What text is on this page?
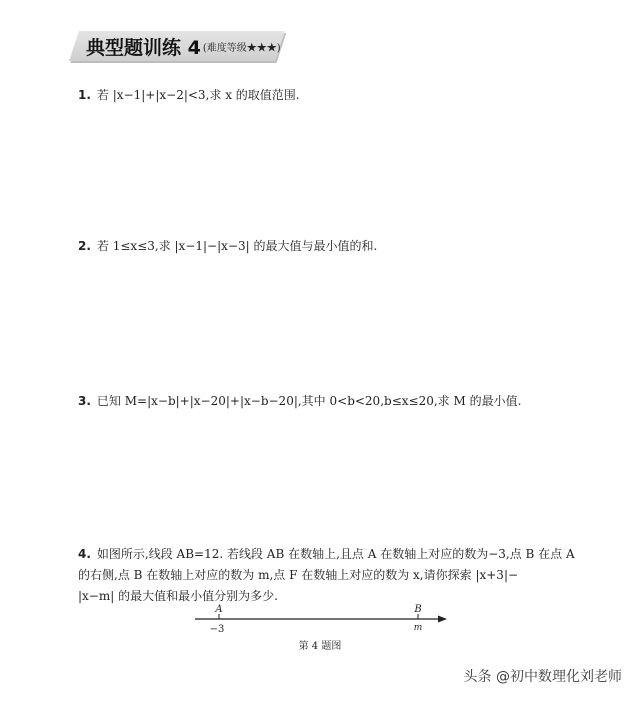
典型题训练 4 (难度等级★★★)
1. 若 |x−1|+|x−2|<3,求 x 的取值范围.
2. 若 1≤x≤3,求 |x−1|−|x−3| 的最大值与最小值的和.
3. 已知 M=|x−b|+|x−20|+|x−b−20|,其中 0<b<20,b≤x≤20,求 M 的最小值.
4. 如图所示,线段 AB=12. 若线段 AB 在数轴上,且点 A 在数轴上对应的数为−3,点 B 在点 A
的右侧,点 B 在数轴上对应的数为 m,点 F 在数轴上对应的数为 x,请你探索 |x+3|−
|x−m| 的最大值和最小值分别为多少.
A
−3
B
m
第 4 题图
头条 @初中数理化刘老师
